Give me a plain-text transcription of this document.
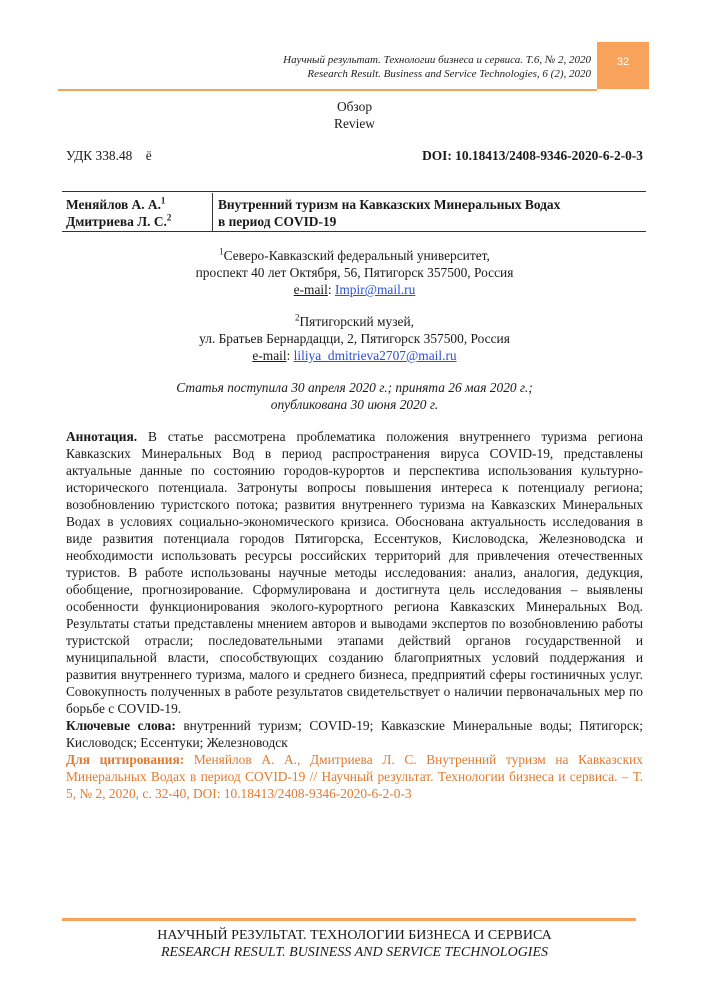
Научный результат. Технологии бизнеса и сервиса. Т.6, № 2, 2020
Research Result. Business and Service Technologies, 6 (2), 2020
32
Обзор
Review
УДК 338.48    ё	DOI: 10.18413/2408-9346-2020-6-2-0-3
Меняйлов А. А.$^1$
Дмитриева Л. С.$^2$
Внутренний туризм на Кавказских Минеральных Водах
в период COVID-19
$^1$Северо-Кавказский федеральный университет,
проспект 40 лет Октября, 56, Пятигорск 357500, Россия
e-mail: Impir@mail.ru
$^2$Пятигорский музей,
ул. Братьев Бернардацци, 2, Пятигорск 357500, Россия
e-mail: liliya_dmitrieva2707@mail.ru
Статья поступила 30 апреля 2020 г.; принята 26 мая 2020 г.;
опубликована 30 июня 2020 г.

Аннотация. В статье рассмотрена проблематика положения внутреннего туризма региона Кавказских Минеральных Вод в период распространения вируса COVID-19, представлены актуальные данные по состоянию городов-курортов и перспектива использования культурно-исторического потенциала. Затронуты вопросы повышения интереса к потенциалу региона; возобновлению туристского потока; развития внутреннего туризма на Кавказских Минеральных Водах в условиях социально-экономического кризиса. Обоснована актуальность исследования в виде развития потенциала городов Пятигорска, Ессентуков, Кисловодска, Железноводска и необходимости использовать ресурсы российских территорий для привлечения отечественных туристов. В работе использованы научные методы исследования: анализ, аналогия, дедукция, обобщение, прогнозирование. Сформулирована и достигнута цель исследования – выявлены особенности функционирования эколого-курортного региона Кавказских Минеральных Вод. Результаты статьи представлены мнением авторов и выводами экспертов по возобновлению работы туристской отрасли; последовательными этапами действий органов государственной и муниципальной власти, способствующих созданию благоприятных условий поддержания и развития внутреннего туризма, малого и среднего бизнеса, предприятий сферы гостиничных услуг. Совокупность полученных в работе результатов свидетельствует о наличии первоначальных мер по борьбе с COVID-19.

Ключевые слова: внутренний туризм; COVID-19; Кавказские Минеральные воды; Пятигорск; Кисловодск; Ессентуки; Железноводск

Для цитирования: Меняйлов А. А., Дмитриева Л. С. Внутренний туризм на Кавказских Минеральных Водах в период COVID-19 // Научный результат. Технологии бизнеса и сервиса. – Т. 5, № 2, 2020, с. 32-40, DOI: 10.18413/2408-9346-2020-6-2-0-3

НАУЧНЫЙ РЕЗУЛЬТАТ. ТЕХНОЛОГИИ БИЗНЕСА И СЕРВИСА
RESEARCH RESULT. BUSINESS AND SERVICE TECHNOLOGIES
